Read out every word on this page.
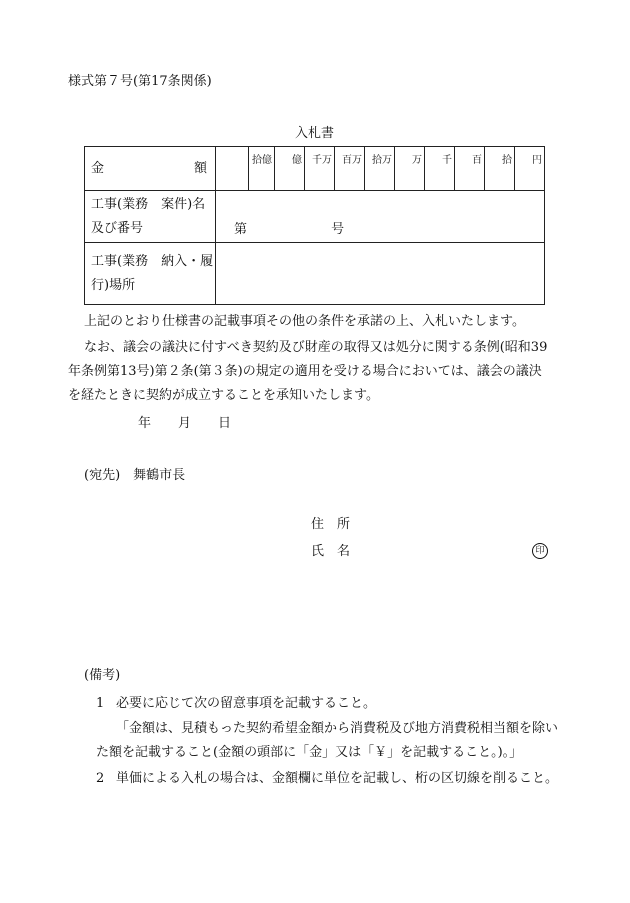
様式第７号(第17条関係)
入札書
金 額		拾億	億	千万	百万	拾万	万	千	百	拾	円

工事(業務　案件)名
及び番号	第 号										

工事(業務　納入・履
行)場所											

上記のとおり仕様書の記載事項その他の条件を承諾の上、入札いたします。
なお、議会の議決に付すべき契約及び財産の取得又は処分に関する条例(昭和39
年条例第13号)第２条(第３条)の規定の適用を受ける場合においては、議会の議決
を経たときに契約が成立することを承知いたします。
年 月 日
(宛先)　舞鶴市長
住　所
氏　名	印
(備考)
1 必要に応じて次の留意事項を記載すること。
「金額は、見積もった契約希望金額から消費税及び地方消費税相当額を除い
た額を記載すること(金額の頭部に「金」又は「￥」を記載すること。)。」
2 単価による入札の場合は、金額欄に単位を記載し、桁の区切線を削ること。
